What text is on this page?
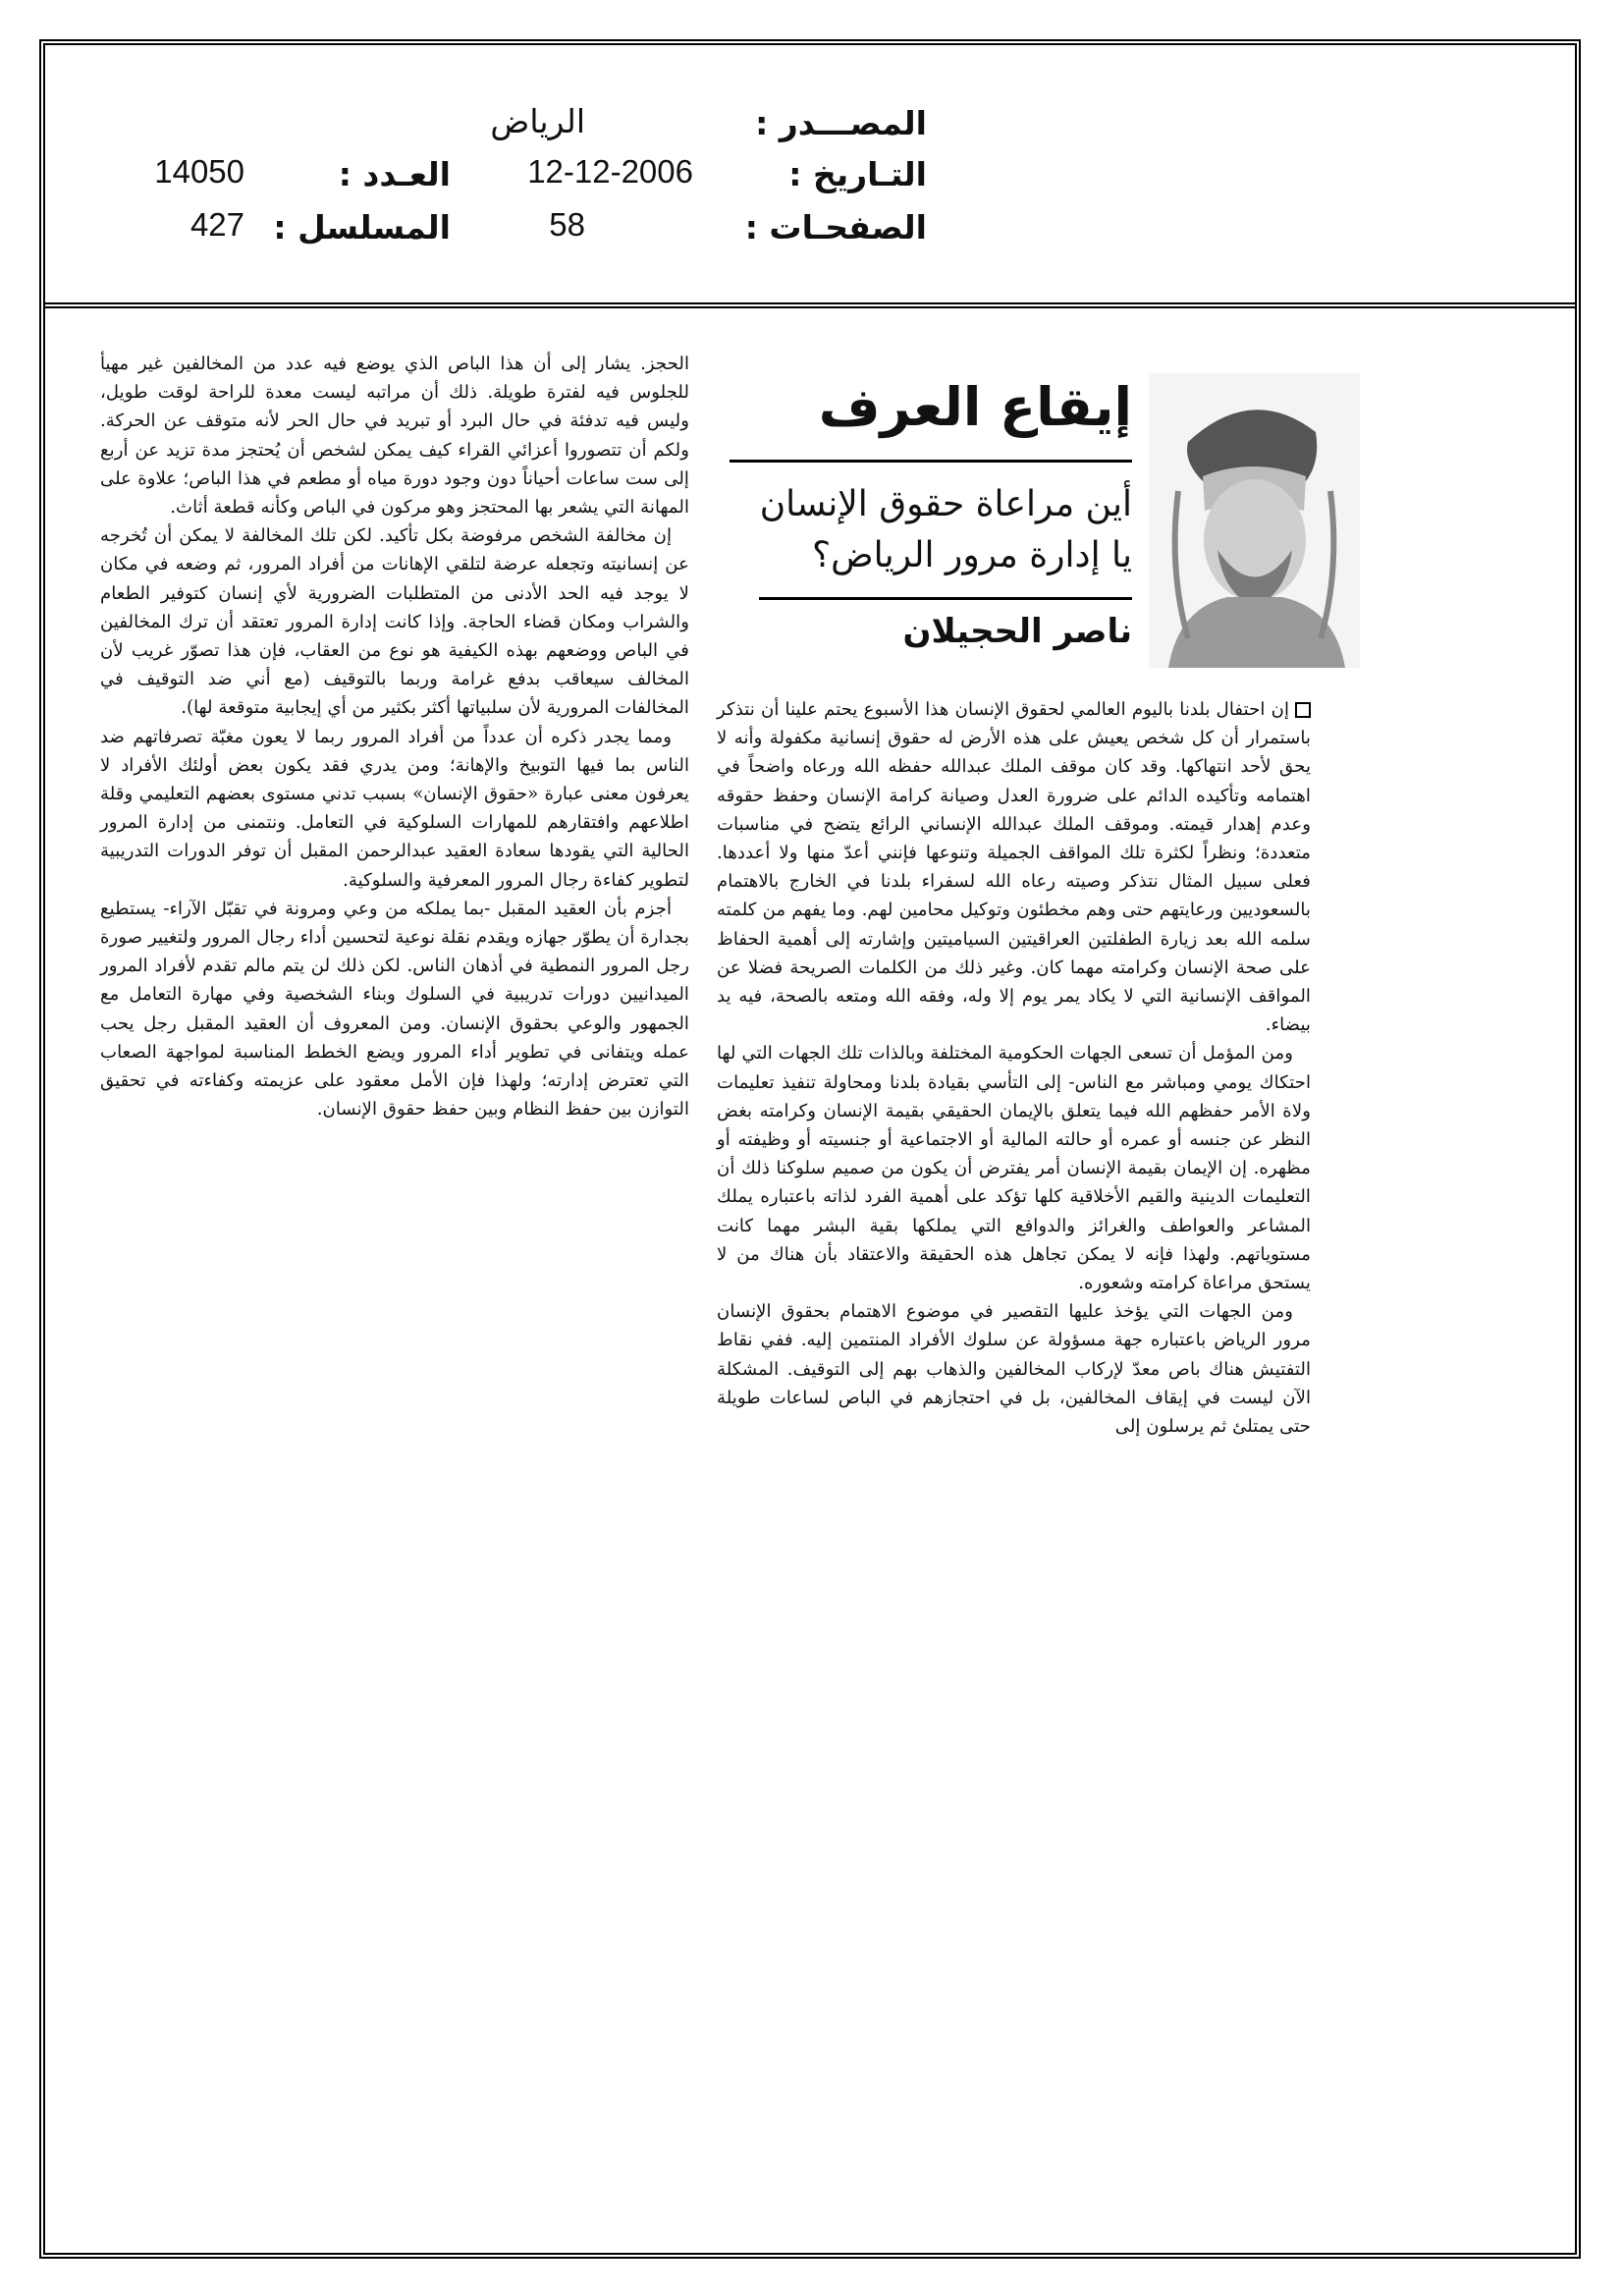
المصـــدر :
الرياض
التـاريخ :
12-12-2006
العـدد :
14050
الصفحـات :
58
المسلسل :
427
إيقاع العرف
أين مراعاة حقوق الإنسان
يا إدارة مرور الرياض؟
ناصر الحجيلان

إن احتفال بلدنا باليوم العالمي لحقوق الإنسان هذا الأسبوع يحتم علينا أن نتذكر باستمرار أن كل شخص يعيش على هذه الأرض له حقوق إنسانية مكفولة وأنه لا يحق لأحد انتهاكها. وقد كان موقف الملك عبدالله حفظه الله ورعاه واضحاً في اهتمامه وتأكيده الدائم على ضرورة العدل وصيانة كرامة الإنسان وحفظ حقوقه وعدم إهدار قيمته. وموقف الملك عبدالله الإنساني الرائع يتضح في مناسبات متعددة؛ ونظراً لكثرة تلك المواقف الجميلة وتنوعها فإنني أعدّ منها ولا أعددها. فعلى سبيل المثال نتذكر وصيته رعاه الله لسفراء بلدنا في الخارج بالاهتمام بالسعوديين ورعايتهم حتى وهم مخطئون وتوكيل محامين لهم. وما يفهم من كلمته سلمه الله بعد زيارة الطفلتين العراقيتين السياميتين وإشارته إلى أهمية الحفاظ على صحة الإنسان وكرامته مهما كان. وغير ذلك من الكلمات الصريحة فضلا عن المواقف الإنسانية التي لا يكاد يمر يوم إلا وله، وفقه الله ومتعه بالصحة، فيه يد بيضاء.

ومن المؤمل أن تسعى الجهات الحكومية المختلفة وبالذات تلك الجهات التي لها احتكاك يومي ومباشر مع الناس- إلى التأسي بقيادة بلدنا ومحاولة تنفيذ تعليمات ولاة الأمر حفظهم الله فيما يتعلق بالإيمان الحقيقي بقيمة الإنسان وكرامته بغض النظر عن جنسه أو عمره أو حالته المالية أو الاجتماعية أو جنسيته أو وظيفته أو مظهره. إن الإيمان بقيمة الإنسان أمر يفترض أن يكون من صميم سلوكنا ذلك أن التعليمات الدينية والقيم الأخلاقية كلها تؤكد على أهمية الفرد لذاته باعتباره يملك المشاعر والعواطف والغرائز والدوافع التي يملكها بقية البشر مهما كانت مستوياتهم. ولهذا فإنه لا يمكن تجاهل هذه الحقيقة والاعتقاد بأن هناك من لا يستحق مراعاة كرامته وشعوره.

ومن الجهات التي يؤخذ عليها التقصير في موضوع الاهتمام بحقوق الإنسان مرور الرياض باعتباره جهة مسؤولة عن سلوك الأفراد المنتمين إليه. ففي نقاط التفتيش هناك باص معدّ لإركاب المخالفين والذهاب بهم إلى التوقيف. المشكلة الآن ليست في إيقاف المخالفين، بل في احتجازهم في الباص لساعات طويلة حتى يمتلئ ثم يرسلون إلى

الحجز. يشار إلى أن هذا الباص الذي يوضع فيه عدد من المخالفين غير مهيأ للجلوس فيه لفترة طويلة. ذلك أن مراتبه ليست معدة للراحة لوقت طويل، وليس فيه تدفئة في حال البرد أو تبريد في حال الحر لأنه متوقف عن الحركة. ولكم أن تتصوروا أعزائي القراء كيف يمكن لشخص أن يُحتجز مدة تزيد عن أربع إلى ست ساعات أحياناً دون وجود دورة مياه أو مطعم في هذا الباص؛ علاوة على المهانة التي يشعر بها المحتجز وهو مركون في الباص وكأنه قطعة أثاث.

إن مخالفة الشخص مرفوضة بكل تأكيد. لكن تلك المخالفة لا يمكن أن تُخرجه عن إنسانيته وتجعله عرضة لتلقي الإهانات من أفراد المرور، ثم وضعه في مكان لا يوجد فيه الحد الأدنى من المتطلبات الضرورية لأي إنسان كتوفير الطعام والشراب ومكان قضاء الحاجة. وإذا كانت إدارة المرور تعتقد أن ترك المخالفين في الباص ووضعهم بهذه الكيفية هو نوع من العقاب، فإن هذا تصوّر غريب لأن المخالف سيعاقب بدفع غرامة وربما بالتوقيف (مع أني ضد التوقيف في المخالفات المرورية لأن سلبياتها أكثر بكثير من أي إيجابية متوقعة لها).

ومما يجدر ذكره أن عدداً من أفراد المرور ربما لا يعون مغبّة تصرفاتهم ضد الناس بما فيها التوبيخ والإهانة؛ ومن يدري فقد يكون بعض أولئك الأفراد لا يعرفون معنى عبارة «حقوق الإنسان» بسبب تدني مستوى بعضهم التعليمي وقلة اطلاعهم وافتقارهم للمهارات السلوكية في التعامل. ونتمنى من إدارة المرور الحالية التي يقودها سعادة العقيد عبدالرحمن المقبل أن توفر الدورات التدريبية لتطوير كفاءة رجال المرور المعرفية والسلوكية.

أجزم بأن العقيد المقبل -بما يملكه من وعي ومرونة في تقبّل الآراء- يستطيع بجدارة أن يطوّر جهازه ويقدم نقلة نوعية لتحسين أداء رجال المرور ولتغيير صورة رجل المرور النمطية في أذهان الناس. لكن ذلك لن يتم مالم تقدم لأفراد المرور الميدانيين دورات تدريبية في السلوك وبناء الشخصية وفي مهارة التعامل مع الجمهور والوعي بحقوق الإنسان. ومن المعروف أن العقيد المقبل رجل يحب عمله ويتفانى في تطوير أداء المرور ويضع الخطط المناسبة لمواجهة الصعاب التي تعترض إدارته؛ ولهذا فإن الأمل معقود على عزيمته وكفاءته في تحقيق التوازن بين حفظ النظام وبين حفظ حقوق الإنسان.
